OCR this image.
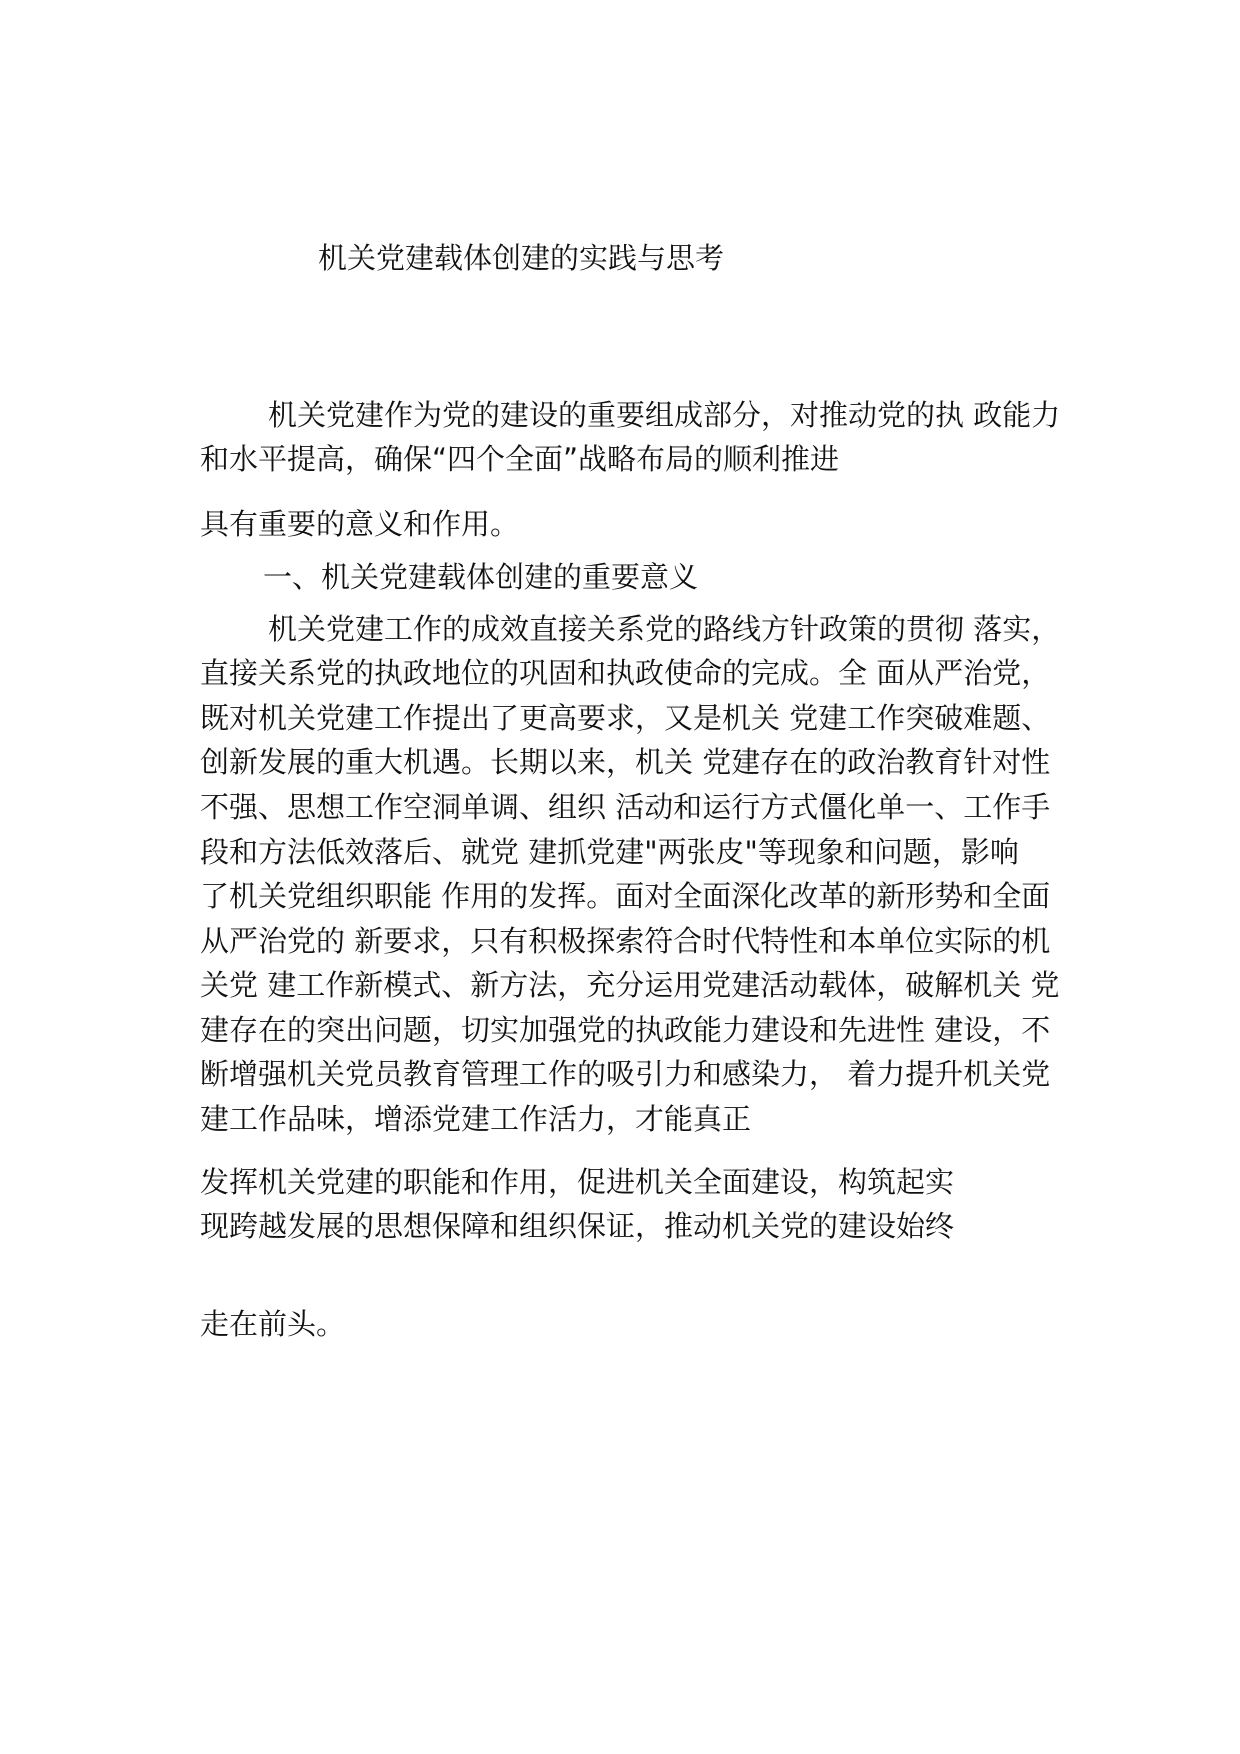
机关党建载体创建的实践与思考
机关党建作为党的建设的重要组成部分，对推动党的执 政能力
和水平提高，确保“四个全面”战略布局的顺利推进
具有重要的意义和作用。
一、机关党建载体创建的重要意义
机关党建工作的成效直接关系党的路线方针政策的贯彻 落实，
直接关系党的执政地位的巩固和执政使命的完成。全 面从严治党，
既对机关党建工作提出了更高要求，又是机关 党建工作突破难题、
创新发展的重大机遇。长期以来，机关 党建存在的政治教育针对性
不强、思想工作空洞单调、组织 活动和运行方式僵化单一、工作手
段和方法低效落后、就党 建抓党建"两张皮"等现象和问题，影响
了机关党组织职能 作用的发挥。面对全面深化改革的新形势和全面
从严治党的 新要求，只有积极探索符合时代特性和本单位实际的机
关党 建工作新模式、新方法，充分运用党建活动载体，破解机关 党
建存在的突出问题，切实加强党的执政能力建设和先进性 建设，不
断增强机关党员教育管理工作的吸引力和感染力， 着力提升机关党
建工作品味，增添党建工作活力，才能真正
发挥机关党建的职能和作用，促进机关全面建设，构筑起实
现跨越发展的思想保障和组织保证，推动机关党的建设始终
走在前头。
